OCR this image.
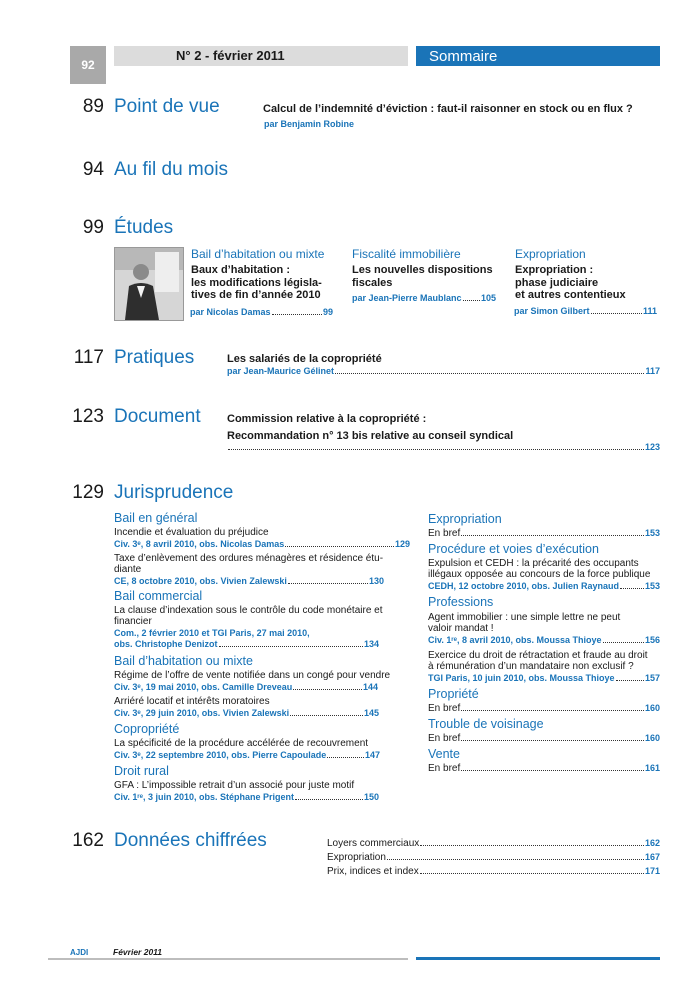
92
N° 2 - février 2011	Sommaire
89 Point de vue	Calcul de l’indemnité d’éviction : faut-il raisonner en stock ou en flux ?
par Benjamin Robine
94 Au fil du mois
99 Études
Bail d’habitation ou mixte
Baux d’habitation :
les modifications législa-
tives de fin d’année 2010
par Nicolas Damas	99
Fiscalité immobilière
Les nouvelles dispositions
fiscales
par Jean-Pierre Maublanc 105
Expropriation
Expropriation :
phase judiciaire
et autres contentieux
par Simon Gilbert	111
117 Pratiques	Les salariés de la copropriété
par Jean-Maurice Gélinet	117
123 Document Commission relative à la copropriété :
Recommandation n° 13 bis relative au conseil syndical
123
129 Jurisprudence
Bail en général
Incendie et évaluation du préjudice
Civ. 3ᵉ, 8 avril 2010, obs. Nicolas Damas	129
Taxe d’enlèvement des ordures ménagères et résidence étu-
diante
CE, 8 octobre 2010, obs. Vivien Zalewski	130
Bail commercial
La clause d’indexation sous le contrôle du code monétaire et
financier
Com., 2 février 2010 et TGI Paris, 27 mai 2010,
obs. Christophe Denizot	134
Bail d’habitation ou mixte
Régime de l’offre de vente notifiée dans un congé pour vendre
Civ. 3ᵉ, 19 mai 2010, obs. Camille Dreveau	144
Arriéré locatif et intérêts moratoires
Civ. 3ᵉ, 29 juin 2010, obs. Vivien Zalewski	145
Copropriété
La spécificité de la procédure accélérée de recouvrement
Civ. 3ᵉ, 22 septembre 2010, obs. Pierre Capoulade	147
Droit rural
GFA : L’impossible retrait d’un associé pour juste motif
Civ. 1ʳᵉ, 3 juin 2010, obs. Stéphane Prigent	150
Expropriation
En bref	153
Procédure et voies d’exécution
Expulsion et CEDH : la précarité des occupants
illégaux opposée au concours de la force publique
CEDH, 12 octobre 2010, obs. Julien Raynaud	153
Professions
Agent immobilier : une simple lettre ne peut
valoir mandat !
Civ. 1ʳᵉ, 8 avril 2010, obs. Moussa Thioye	156
Exercice du droit de rétractation et fraude au droit
à rémunération d’un mandataire non exclusif ?
TGI Paris, 10 juin 2010, obs. Moussa Thioye	157
Propriété
En bref	160
Trouble de voisinage
En bref	160
Vente
En bref	161
162 Données chiffrées	Loyers commerciaux	162
Expropriation	167
Prix, indices et index	171
AJDI	Février 2011
